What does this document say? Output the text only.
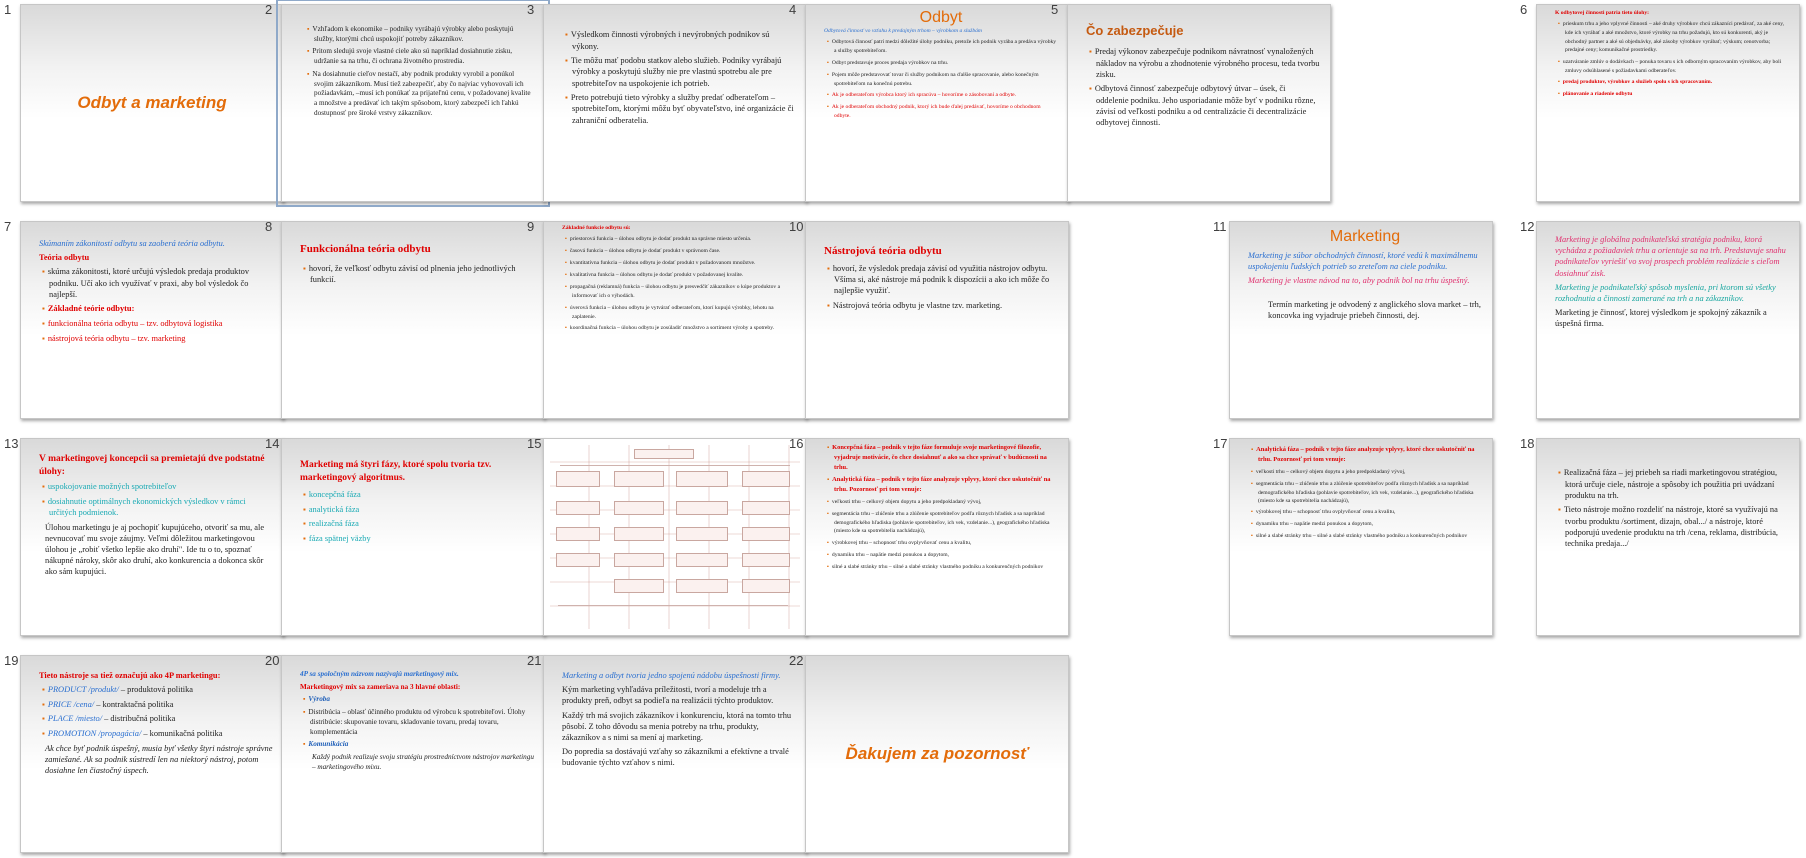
1
Odbyt a marketing
2
▪ Vzhľadom k ekonomike – podniky vyrábajú výrobky alebo poskytujú služby, ktorými chcú uspokojiť potreby zákazníkov.
▪ Pritom sledujú svoje vlastné ciele ako sú napríklad dosiahnutie zisku, udržanie sa na trhu, či ochrana životného prostredia.
▪ Na dosiahnutie cieľov nestačí, aby podnik produkty vyrobil a ponúkol svojim zákazníkom. Musí tiež zabezpečiť, aby čo najviac vyhovovali ich požiadavkám, –musí ich ponúkať za prijateľnú cenu, v požadovanej kvalite a množstve a predávať ich takým spôsobom, ktorý zabezpečí ich ľahkú dostupnosť pre široké vrstvy zákazníkov.
3
▪ Výsledkom činnosti výrobných i nevýrobných podnikov sú výkony.
▪ Tie môžu mať podobu statkov alebo služieb. Podniky vyrábajú výrobky a poskytujú služby nie pre vlastnú spotrebu ale pre spotrebiteľov na uspokojenie ich potrieb.
▪ Preto potrebujú tieto výrobky a služby predať odberateľom – spotrebiteľom, ktorými môžu byť obyvateľstvo, iné organizácie či zahraniční odberatelia.
4	Odbyt
Odbytová činnosť vo vzťahu k predajným trhom – výrobkom a službám
▪ Odbytová činnosť patrí medzi dôležité úlohy podniku, pretože ich podnik vyrába a predáva výrobky a služby spotrebiteľom.
▪ Odbyt predstavuje proces predaja výrobkov na trhu.
▪ Pojem môže predstavovať tovar či služby podnikom na ďalšie spracovanie, alebo konečným spotrebiteľom na konečnú potrebu.
▪ Ak je odberateľom výrobca ktorý ich spracúva – hovoríme o zásobovaní a odbyte.
▪ Ak je odberateľom obchodný podnik, ktorý ich bude ďalej predávať, hovoríme o obchodnom odbyte.
5
Čo zabezpečuje
▪ Predaj výkonov zabezpečuje podnikom návratnosť vynaložených nákladov na výrobu a zhodnotenie výrobného procesu, teda tvorbu zisku.
▪ Odbytová činnosť zabezpečuje odbytový útvar – úsek, či oddelenie podniku. Jeho usporiadanie môže byť v podniku rôzne, závisí od veľkosti podniku a od centralizácie či decentralizácie odbytovej činnosti.
6	K odbytovej činnosti patria tieto úlohy:
▪ prieskum trhu a jeho vplyvné činnosti – aké druhy výrobkov chcú zákazníci predávať, za aké ceny, kde ich vyrábať a aké množstvo, ktoré výrobky na trhu požadujú, kto sú konkurenti, aký je obchodný partner a aké sú objednávky, aké zásoby výrobkov vyrábať; výskum; cenotvorba; predajné ceny; komunikačné prostriedky.
▪ uzatváranie zmlúv o dodávkach – ponuka tovaru s ich odborným spracovaním výrobkov, aby boli zmluvy odsúhlasené s požiadavkami odberateľov.
▪ predaj produktov, výrobkov a služieb spolu s ich spracovaním.
▪ plánovanie a riadenie odbytu
7
Skúmaním zákonitostí odbytu sa zaoberá teória odbytu.
Teória odbytu
▪ skúma zákonitosti, ktoré určujú výsledok predaja produktov podniku. Učí ako ich využívať v praxi, aby bol výsledok čo najlepší.
▪ Základné teórie odbytu:
▪ funkcionálna teória odbytu – tzv. odbytová logistika
▪ nástrojová teória odbytu – tzv. marketing
8
Funkcionálna teória odbytu
▪ hovorí, že veľkosť odbytu závisí od plnenia jeho jednotlivých funkcií.
9	Základné funkcie odbytu sú:
▪ priestorová funkcia – úlohou odbytu je dodať produkt na správne miesto určenia.
▪ časová funkcia – úlohou odbytu je dodať produkt v správnom čase.
▪ kvantitatívna funkcia – úlohou odbytu je dodať produkt v požadovanom množstve.
▪ kvalitatívna funkcia – úlohou odbytu je dodať produkt v požadovanej kvalite.
▪ propagačná (reklamná) funkcia – úlohou odbytu je presvedčiť zákazníkov o kúpe produktov a informovať ich o výhodách.
▪ úverová funkcia – úlohou odbytu je vytvárať odberateľom, ktorí kupujú výrobky, lehotu na zaplatenie.
▪ koordinačná funkcia – úlohou odbytu je zosúladiť množstvo a sortiment výroby a spotreby.
10
Nástrojová teória odbytu
▪ hovorí, že výsledok predaja závisí od využitia nástrojov odbytu. Všíma si, aké nástroje má podnik k dispozícii a ako ich môže čo najlepšie využiť.
▪ Nástrojová teória odbytu je vlastne tzv. marketing.
11
Marketing
Marketing je súbor obchodných činností, ktoré vedú k maximálnemu uspokojeniu ľudských potrieb so zreteľom na ciele podniku.
Marketing je vlastne návod na to, aby podnik bol na trhu úspešný.
Termín marketing je odvodený z anglického slova market – trh, koncovka ing vyjadruje priebeh činnosti, dej.
12
Marketing je globálna podnikateľská stratégia podniku, ktorá vychádza z požiadaviek trhu a orientuje sa na trh. Predstavuje snahu podnikateľov vyriešiť vo svoj prospech problém realizácie s cieľom dosiahnuť zisk.
Marketing je podnikateľský spôsob myslenia, pri ktorom sú všetky rozhodnutia a činnosti zamerané na trh a na zákazníkov.
Marketing je činnosť, ktorej výsledkom je spokojný zákazník a úspešná firma.
13
V marketingovej koncepcii sa premietajú dve podstatné úlohy:
▪ uspokojovanie možných spotrebiteľov
▪ dosiahnutie optimálnych ekonomických výsledkov v rámci určitých podmienok.
Úlohou marketingu je aj pochopiť kupujúceho, otvoriť sa mu, ale nevnucovať mu svoje záujmy. Veľmi dôležitou marketingovou úlohou je „robiť všetko lepšie ako druhí". Ide tu o to, spoznať nákupné nároky, skôr ako druhí, ako konkurencia a dokonca skôr ako sám kupujúci.
14
Marketing má štyri fázy, ktoré spolu tvoria tzv. marketingový algoritmus.
▪ koncepčná fáza
▪ analytická fáza
▪ realizačná fáza
▪ fáza spätnej väzby
15	16	▪ Koncepčná fáza – podnik v tejto fáze formuluje svoje marketingové filozofie, vyjadruje motivácie, čo chce dosiahnuť a ako sa chce správať v budúcnosti na trhu.
▪ Analytická fáza – podnik v tejto fáze analyzuje vplyvy, ktoré chce uskutočniť na trhu. Pozornosť pri tom venuje:
▪ veľkosti trhu – celkový objem dopytu a jeho predpokladaný vývoj,
▪ segmentácia trhu – zlúčenie trhu a zlúčenie spotrebiteľov podľa rôznych hľadísk a sa napríklad demografického hľadiska (pohlavie spotrebiteľov, ich vek, vzdelanie...), geografického hľadiska (miesto kde sa spotrebitelia nachádzajú),
▪ výrobkovej trhu – schopnosť trhu ovplyvňovať cenu a kvalitu,
▪ dynamiku trhu – napätie medzi ponukou a dopytom,
▪ silné a slabé stránky trhu – silné a slabé stránky vlastného podniku a konkurenčných podnikov
17	▪ Analytická fáza – podnik v tejto fáze analyzuje vplyvy, ktoré chce uskutočniť na trhu. Pozornosť pri tom venuje:
▪ veľkosti trhu – celkový objem dopytu a jeho predpokladaný vývoj,
▪ segmentácia trhu – zlúčenie trhu a zlúčenie spotrebiteľov podľa rôznych hľadísk a sa napríklad demografického hľadiska (pohlavie spotrebiteľov, ich vek, vzdelanie...), geografického hľadiska (miesto kde sa spotrebitelia nachádzajú),
▪ výrobkovej trhu – schopnosť trhu ovplyvňovať cenu a kvalitu,
▪ dynamiku trhu – napätie medzi ponukou a dopytom,
▪ silné a slabé stránky trhu – silné a slabé stránky vlastného podniku a konkurenčných podnikov
18
▪ Realizačná fáza – jej priebeh sa riadi marketingovou stratégiou, ktorá určuje ciele, nástroje a spôsoby ich použitia pri uvádzaní produktu na trh.
▪ Tieto nástroje možno rozdeliť na nástroje, ktoré sa využívajú na tvorbu produktu /sortiment, dizajn, obal.../ a nástroje, ktoré podporujú uvedenie produktu na trh /cena, reklama, distribúcia, technika predaja.../
19
Tieto nástroje sa tiež označujú ako 4P marketingu:
▪ PRODUCT /produkt/ – produktová politika
▪ PRICE /cena/ – kontraktačná politika
▪ PLACE /miesto/ – distribučná politika
▪ PROMOTION /propagácia/ – komunikačná politika
Ak chce byť podnik úspešný, musia byť všetky štyri nástroje správne zamiešané. Ak sa podnik sústredí len na niektorý nástroj, potom dosiahne len čiastočný úspech.
20
4P sa spoločným názvom nazývajú marketingový mix.
Marketingový mix sa zameriava na 3 hlavné oblasti:
▪ Výroba
▪ Distribúcia – oblasť účinného produktu od výrobcu k spotrebiteľovi. Úlohy distribúcie: skupovanie tovaru, skladovanie tovaru, predaj tovaru, komplementácia
▪ Komunikácia
Každý podnik realizuje svoju stratégiu prostredníctvom nástrojov marketingu – marketingového mixu.
21
Marketing a odbyt tvoria jedno spojenú nádobu úspešnosti firmy.
Kým marketing vyhľadáva príležitosti, tvorí a modeluje trh a produkty preň, odbyt sa podieľa na realizácii týchto produktov.
Každý trh má svojich zákazníkov i konkurenciu, ktorá na tomto trhu pôsobí. Z toho dôvodu sa menia potreby na trhu, produkty, zákazníkov a s nimi sa mení aj marketing.
Do popredia sa dostávajú vzťahy so zákazníkmi a efektívne a trvalé budovanie týchto vzťahov s nimi.
22
Ďakujem za pozornosť
